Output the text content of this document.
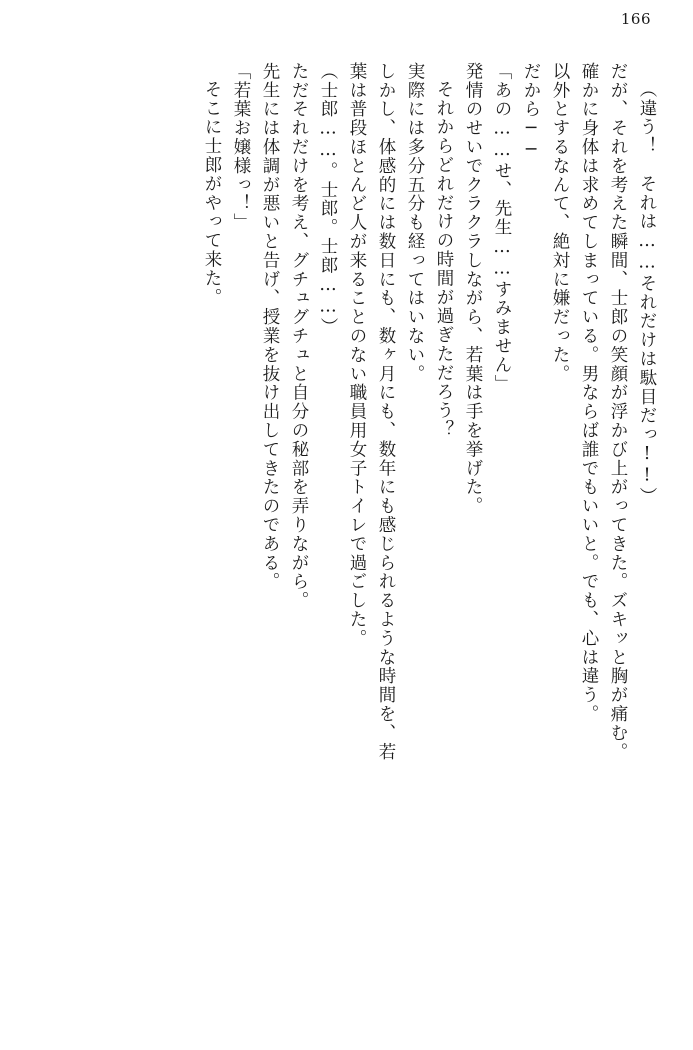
166
（違う！　それは……それだけは駄目だっ!!）
だが、それを考えた瞬間、士郎の笑顔が浮かび上がってきた。ズキッと胸が痛む。
確かに身体は求めてしまっている。男ならば誰でもいいと。でも、心は違う。
以外とするなんて、絶対に嫌だった。
だから──
「あの……せ、先生……すみません」
発情のせいでクラクラしながら、若葉は手を挙げた。
それからどれだけの時間が過ぎただろう？
実際には多分五分も経ってはいない。
しかし、体感的には数日にも、数ヶ月にも、数年にも感じられるような時間を、若
葉は普段ほとんど人が来ることのない職員用女子トイレで過ごした。
（士郎……。士郎。士郎……）
ただそれだけを考え、グチュグチュと自分の秘部を弄りながら。
先生には体調が悪いと告げ、授業を抜け出してきたのである。
「若葉お嬢様っ！」
そこに士郎がやって来た。
